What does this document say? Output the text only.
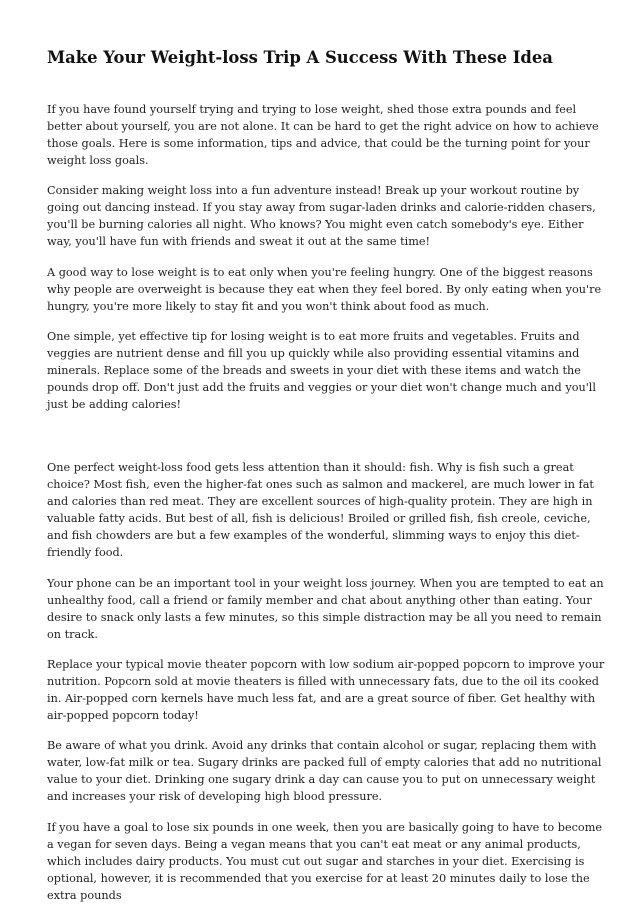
Make Your Weight-loss Trip A Success With These Idea

If you have found yourself trying and trying to lose weight, shed those extra pounds and feel better about yourself, you are not alone. It can be hard to get the right advice on how to achieve those goals. Here is some information, tips and advice, that could be the turning point for your weight loss goals.

Consider making weight loss into a fun adventure instead! Break up your workout routine by going out dancing instead. If you stay away from sugar-laden drinks and calorie-ridden chasers, you'll be burning calories all night. Who knows? You might even catch somebody's eye. Either way, you'll have fun with friends and sweat it out at the same time!

A good way to lose weight is to eat only when you're feeling hungry. One of the biggest reasons why people are overweight is because they eat when they feel bored. By only eating when you're hungry, you're more likely to stay fit and you won't think about food as much.

One simple, yet effective tip for losing weight is to eat more fruits and vegetables. Fruits and veggies are nutrient dense and fill you up quickly while also providing essential vitamins and minerals. Replace some of the breads and sweets in your diet with these items and watch the pounds drop off. Don't just add the fruits and veggies or your diet won't change much and you'll just be adding calories!

One perfect weight-loss food gets less attention than it should: fish. Why is fish such a great choice? Most fish, even the higher-fat ones such as salmon and mackerel, are much lower in fat and calories than red meat. They are excellent sources of high-quality protein. They are high in valuable fatty acids. But best of all, fish is delicious! Broiled or grilled fish, fish creole, ceviche, and fish chowders are but a few examples of the wonderful, slimming ways to enjoy this diet-friendly food.

Your phone can be an important tool in your weight loss journey. When you are tempted to eat an unhealthy food, call a friend or family member and chat about anything other than eating. Your desire to snack only lasts a few minutes, so this simple distraction may be all you need to remain on track.

Replace your typical movie theater popcorn with low sodium air-popped popcorn to improve your nutrition. Popcorn sold at movie theaters is filled with unnecessary fats, due to the oil its cooked in. Air-popped corn kernels have much less fat, and are a great source of fiber. Get healthy with air-popped popcorn today!

Be aware of what you drink. Avoid any drinks that contain alcohol or sugar, replacing them with water, low-fat milk or tea. Sugary drinks are packed full of empty calories that add no nutritional value to your diet. Drinking one sugary drink a day can cause you to put on unnecessary weight and increases your risk of developing high blood pressure.

If you have a goal to lose six pounds in one week, then you are basically going to have to become a vegan for seven days. Being a vegan means that you can't eat meat or any animal products, which includes dairy products. You must cut out sugar and starches in your diet. Exercising is optional, however, it is recommended that you exercise for at least 20 minutes daily to lose the extra pounds
